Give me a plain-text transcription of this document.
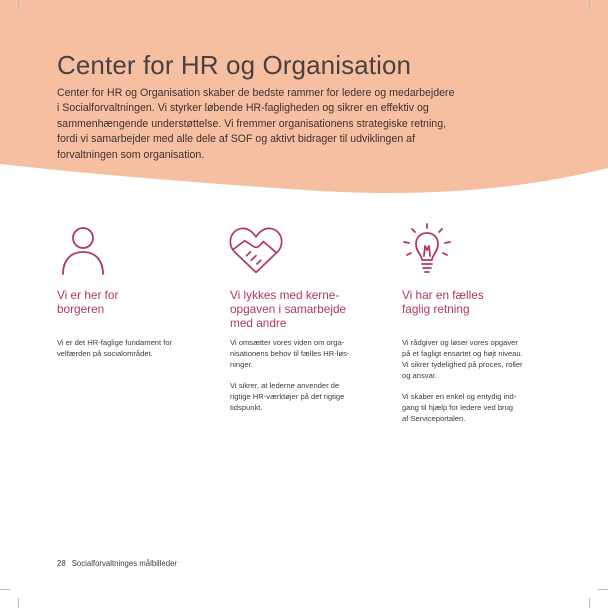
Center for HR og Organisation

Center for HR og Organisation skaber de bedste rammer for ledere og medarbejdere i Socialforvaltningen. Vi styrker løbende HR-fagligheden og sikrer en effektiv og sammenhængende understøttelse. Vi fremmer organisationens strategiske retning, fordi vi samarbejder med alle dele af SOF og aktivt bidrager til udviklingen af forvaltningen som organisation.

Vi er her for
borgeren

Vi er det HR-faglige fundament for
velfærden på socialområdet.

Vi lykkes med kerne-
opgaven i samarbejde
med andre

Vi omsætter vores viden om orga-
nisationens behov til fælles HR-løs-
ninger.

Vi sikrer, at lederne anvender de
rigtige HR-værktøjer på det rigtige
tidspunkt.

Vi har en fælles
faglig retning

Vi rådgiver og løser vores opgaver
på et fagligt ensartet og højt niveau.
Vi sikrer tydelighed på proces, roller
og ansvar.

Vi skaber en enkel og entydig ind-
gang til hjælp for ledere ved brug
af Serviceportalen.

28 Socialforvaltninges målbilleder
